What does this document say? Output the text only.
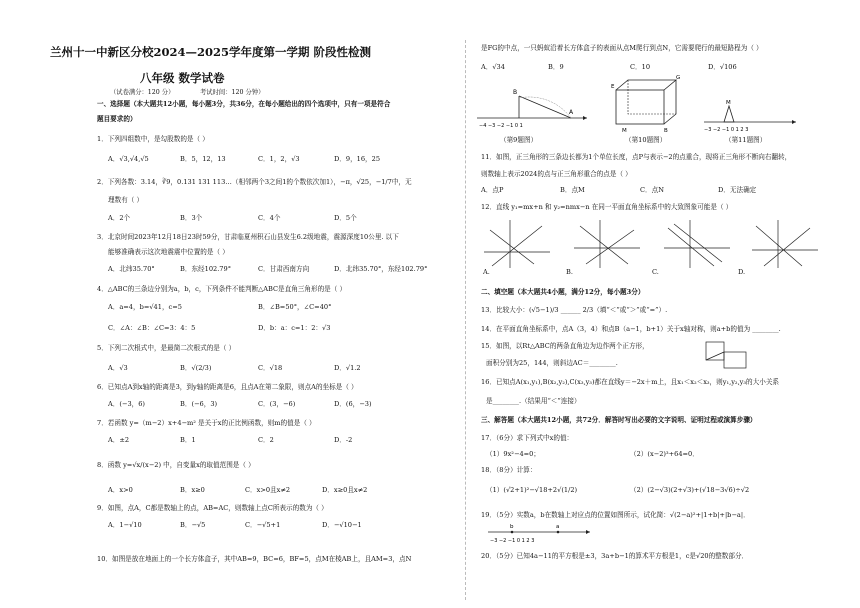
兰州十一中新区分校2024—2025学年度第一学期 阶段性检测
八年级 数学试卷
（试卷满分：120 分）	考试时间：120 分钟）
一、选择题（本大题共12小题，每小题3分，共36分，在每小题给出的四个选项中，只有一项是符合
题目要求的）
1．下列四组数中，是勾股数的是（ ）
A．√3,√4,√5	B．5，12，13	C．1，2，√3	D．9，16，25
2．下列各数：3.14，∛9，0.131 131 113…（相邻两个3之间1的个数依次加1），−π，√25，−1/7中，无
理数有（ ）
A．2个	B．3个	C．4个	D．5个
3．北京时间2023年12月18日23时59分，甘肃临夏州积石山县发生6.2级地震，震源深度10公里. 以下
能够准确表示这次地震震中位置的是（ ）
A．北纬35.70°	B．东经102.79°	C．甘肃西南方向	D．北纬35.70°，东经102.79°
4．△ABC的三条边分别为a，b，c，下列条件不能判断△ABC是直角三角形的是（ ）
A．a=4，b=√41，c=5	B．∠B=50°，∠C=40°
C．∠A：∠B：∠C=3：4：5	D．b：a：c=1：2：√3
5．下列二次根式中，是最简二次根式的是（ ）
A．√3	B．√(2/3)	C．√18	D．√1.2
6．已知点A到x轴的距离是3，到y轴的距离是6，且点A在第二象限，则点A的坐标是（ ）
A．(−3，6)	B．(−6，3)	C．(3，−6)	D．(6，−3)
7．若函数 y=（m−2）x+4−m² 是关于x的正比例函数，则m的值是（ ）
A．±2	B．1	C．2	D．-2
8．函数 y=√x/(x−2) 中，自变量x的取值范围是（ ）
A．x>0	B．x≥0	C．x>0且x≠2	D．x≥0且x≠2
9．如图，点A，C都是数轴上的点，AB=AC，则数轴上点C所表示的数为（ ）
A．1−√10	B．−√5	C．−√5+1	D．−√10−1
10．如图是放在地面上的一个长方体盒子，其中AB=9，BC=6，BF=5，点M在棱AB上，且AM=3，点N
是FG的中点，一只蚂蚁沿着长方体盒子的表面从点M爬行到点N，它需要爬行的最短路程为（ ）
A．√34	B．9	C．10	D．√106
B
A
−4 −3 −2 −1 0 1
（第9题图）
E
G
M	B
（第10题图）
M
−3 −2 −1 0 1 2 3
（第11题图）
11．如图，正三角形的三条边长都为1个单位长度，点P与表示−2的点重合，现将正三角形不断向右翻转，
则数轴上表示2024的点与正三角形重合的点是（ ）
A．点P	B．点M	C．点N	D．无法确定
12．直线 y₁=mx+n 和 y₂=nmx−n 在同一平面直角坐标系中的大致图象可能是（ ）
A.	B.	C.	D.
二、填空题（本大题共4小题，满分12分，每小题3分）
13．比较大小：(√5−1)/3 ______ 2/3（填“＜”或“＞”或“=”）.
14．在平面直角坐标系中，点A（3，4）和点B（a−1，b+1）关于x轴对称，则a+b的值为 ________.
15．如图，以Rt△ABC的两条直角边为边作两个正方形，
面积分别为25，144，则斜边AC＝________.
16．已知点A(x₁,y₁),B(x₂,y₂),C(x₃,y₃)都在直线y＝−2x＋m上，且x₁＜x₂＜x₃，则y₁,y₂,y₃的大小关系
是________.（结果用“＜”连接）
三、解答题（本大题共12小题，共72分．解答时写出必要的文字说明、证明过程或演算步骤）
17．（6分）求下列式中x的值：
（1）9x²−4=0；	（2）(x−2)³+64=0．
18．（8分）计算：
（1）(√2+1)²−√18+2√(1/2)	（2）(2−√3)(2+√3)+(√18−3√6)÷√2
19．（5分）实数a，b在数轴上对应点的位置如图所示，试化简：√(2−a)²+|1+b|+|b−a|．
b	a
−3 −2 −1 0 1 2 3
20．（5分）已知4a−11的平方根是±3，3a+b−1的算术平方根是1，c是√20的整数部分．
